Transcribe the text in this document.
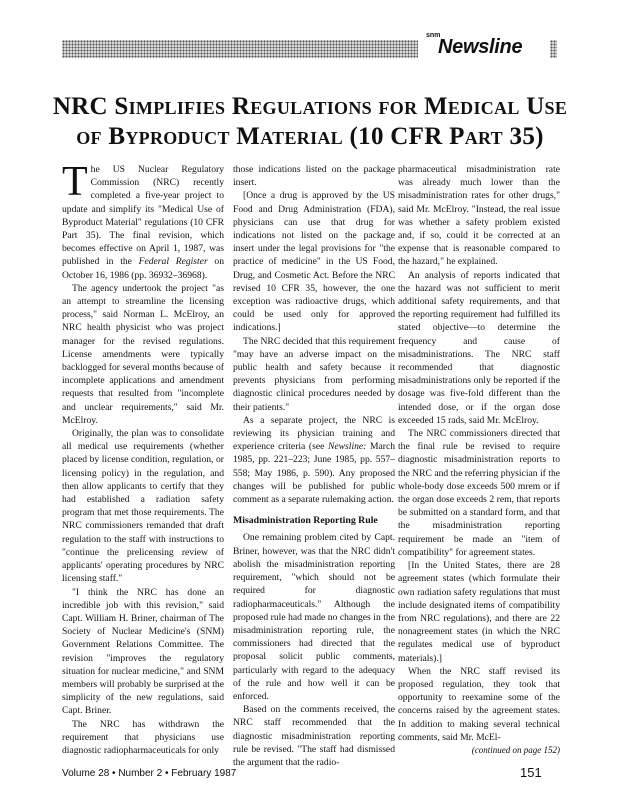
snm
Newsline
NRC Simplifies Regulations for Medical Use
of Byproduct Material (10 CFR Part 35)

The US Nuclear Regulatory Commission (NRC) recently completed a five-year project to update and simplify its "Medical Use of Byproduct Material" regulations (10 CFR Part 35). The final revision, which becomes effective on April 1, 1987, was published in the Federal Register on October 16, 1986 (pp. 36932–36968).

The agency undertook the project "as an attempt to streamline the licensing process," said Norman L. McElroy, an NRC health physicist who was project manager for the revised regulations. License amendments were typically backlogged for several months because of incomplete applications and amendment requests that resulted from "incomplete and unclear requirements," said Mr. McElroy.

Originally, the plan was to consolidate all medical use requirements (whether placed by license condition, regulation, or licensing policy) in the regulation, and then allow applicants to certify that they had established a radiation safety program that met those requirements. The NRC commissioners remanded that draft regulation to the staff with instructions to "continue the prelicensing review of applicants' operating procedures by NRC licensing staff."

"I think the NRC has done an incredible job with this revision," said Capt. William H. Briner, chairman of The Society of Nuclear Medicine's (SNM) Government Relations Committee. The revision "improves the regulatory situation for nuclear medicine," and SNM members will probably be surprised at the simplicity of the new regulations, said Capt. Briner.

The NRC has withdrawn the requirement that physicians use diagnostic radiopharmaceuticals for only

those indications listed on the package insert.

[Once a drug is approved by the US Food and Drug Administration (FDA), physicians can use that drug for indications not listed on the package insert under the legal provisions for "the practice of medicine" in the US Food, Drug, and Cosmetic Act. Before the NRC revised 10 CFR 35, however, the one exception was radioactive drugs, which could be used only for approved indications.]

The NRC decided that this requirement "may have an adverse impact on the public health and safety because it prevents physicians from performing diagnostic clinical procedures needed by their patients."

As a separate project, the NRC is reviewing its physician training and experience criteria (see Newsline: March 1985, pp. 221–223; June 1985, pp. 557–558; May 1986, p. 590). Any proposed changes will be published for public comment as a separate rulemaking action.

Misadministration Reporting Rule

One remaining problem cited by Capt. Briner, however, was that the NRC didn't abolish the misadministration reporting requirement, "which should not be required for diagnostic radiopharmaceuticals." Although the proposed rule had made no changes in the misadministration reporting rule, the commissioners had directed that the proposal solicit public comments, particularly with regard to the adequacy of the rule and how well it can be enforced.

Based on the comments received, the NRC staff recommended that the diagnostic misadministration reporting rule be revised. "The staff had dismissed the argument that the radio-

pharmaceutical misadministration rate was already much lower than the misadministration rates for other drugs," said Mr. McElroy. "Instead, the real issue was whether a safety problem existed and, if so, could it be corrected at an expense that is reasonable compared to the hazard," he explained.

An analysis of reports indicated that the hazard was not sufficient to merit additional safety requirements, and that the reporting requirement had fulfilled its stated objective—to determine the frequency and cause of misadministrations. The NRC staff recommended that diagnostic misadministrations only be reported if the dosage was five-fold different than the intended dose, or if the organ dose exceeded 15 rads, said Mr. McElroy.

The NRC commissioners directed that the final rule be revised to require diagnostic misadministration reports to the NRC and the referring physician if the whole-body dose exceeds 500 mrem or if the organ dose exceeds 2 rem, that reports be submitted on a standard form, and that the misadministration reporting requirement be made an "item of compatibility" for agreement states.

[In the United States, there are 28 agreement states (which formulate their own radiation safety regulations that must include designated items of compatibility from NRC regulations), and there are 22 nonagreement states (in which the NRC regulates medical use of byproduct materials).]

When the NRC staff revised its proposed regulation, they took that opportunity to reexamine some of the concerns raised by the agreement states. In addition to making several technical comments, said Mr. McEl-

(continued on page 152)
Volume 28 • Number 2 • February 1987	151
